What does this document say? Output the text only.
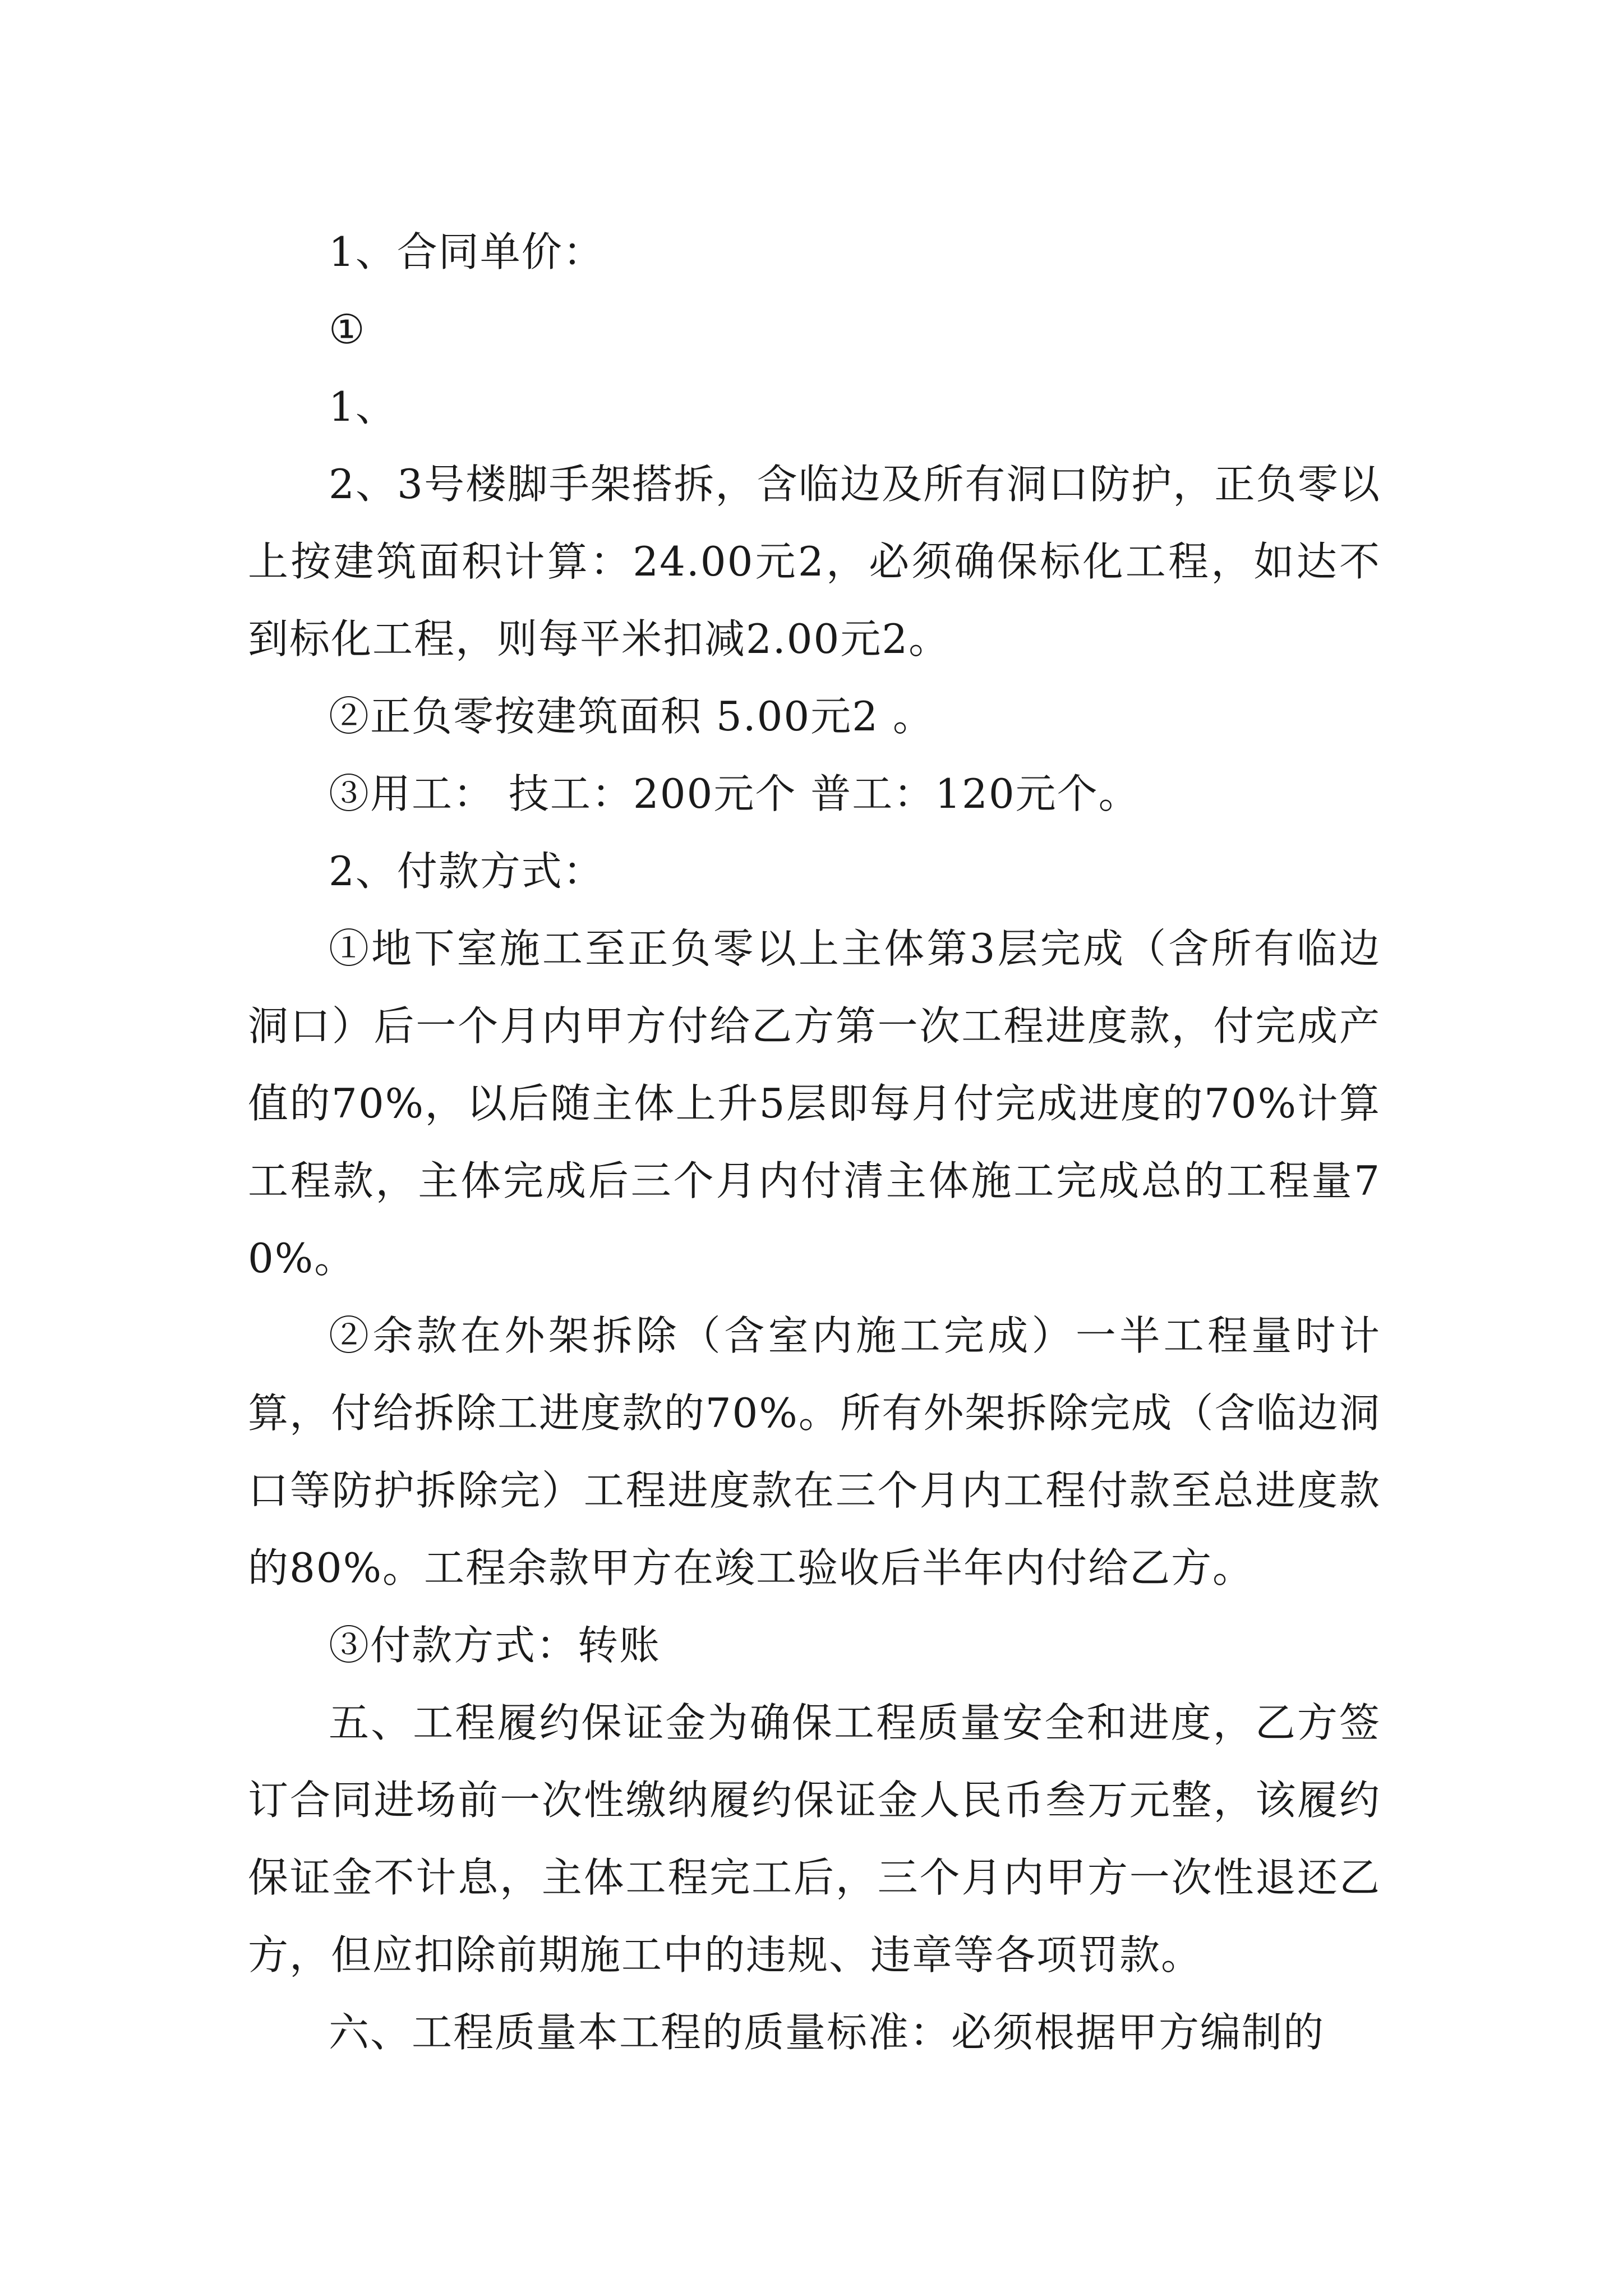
1、合同单价：

①

1、

2、3号楼脚手架搭拆，含临边及所有洞口防护，正负零以上按建筑面积计算：24.00元2，必须确保标化工程，如达不到标化工程，则每平米扣减2.00元2。

②正负零按建筑面积 5.00元2 。

③用工： 技工：200元个 普工：120元个。

2、付款方式：

①地下室施工至正负零以上主体第3层完成（含所有临边洞口）后一个月内甲方付给乙方第一次工程进度款，付完成产值的70%，以后随主体上升5层即每月付完成进度的70%计算工程款，主体完成后三个月内付清主体施工完成总的工程量70%。

②余款在外架拆除（含室内施工完成）一半工程量时计算，付给拆除工进度款的70%。所有外架拆除完成（含临边洞口等防护拆除完）工程进度款在三个月内工程付款至总进度款的80%。工程余款甲方在竣工验收后半年内付给乙方。

③付款方式：转账

五、工程履约保证金为确保工程质量安全和进度，乙方签订合同进场前一次性缴纳履约保证金人民币叁万元整，该履约保证金不计息，主体工程完工后，三个月内甲方一次性退还乙方，但应扣除前期施工中的违规、违章等各项罚款。

六、工程质量本工程的质量标准：必须根据甲方编制的
